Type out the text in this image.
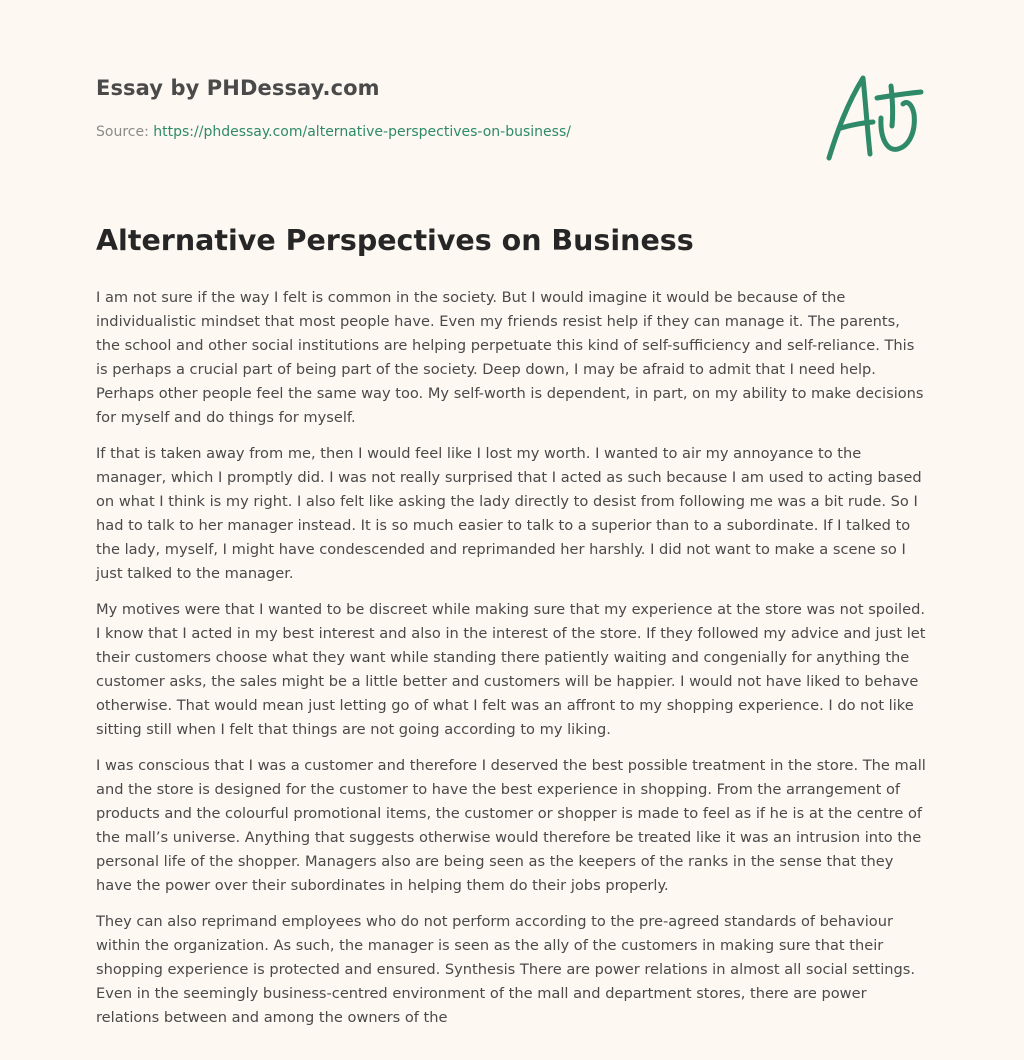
Essay by PHDessay.com
Source: https://phdessay.com/alternative-perspectives-on-business/
Alternative Perspectives on Business

I am not sure if the way I felt is common in the society. But I would imagine it would be because of the individualistic mindset that most people have. Even my friends resist help if they can manage it. The parents, the school and other social institutions are helping perpetuate this kind of self-sufficiency and self-reliance. This is perhaps a crucial part of being part of the society. Deep down, I may be afraid to admit that I need help. Perhaps other people feel the same way too. My self-worth is dependent, in part, on my ability to make decisions for myself and do things for myself.

If that is taken away from me, then I would feel like I lost my worth. I wanted to air my annoyance to the manager, which I promptly did. I was not really surprised that I acted as such because I am used to acting based on what I think is my right. I also felt like asking the lady directly to desist from following me was a bit rude. So I had to talk to her manager instead. It is so much easier to talk to a superior than to a subordinate. If I talked to the lady, myself, I might have condescended and reprimanded her harshly. I did not want to make a scene so I just talked to the manager.

My motives were that I wanted to be discreet while making sure that my experience at the store was not spoiled. I know that I acted in my best interest and also in the interest of the store. If they followed my advice and just let their customers choose what they want while standing there patiently waiting and congenially for anything the customer asks, the sales might be a little better and customers will be happier. I would not have liked to behave otherwise. That would mean just letting go of what I felt was an affront to my shopping experience. I do not like sitting still when I felt that things are not going according to my liking.

I was conscious that I was a customer and therefore I deserved the best possible treatment in the store. The mall and the store is designed for the customer to have the best experience in shopping. From the arrangement of products and the colourful promotional items, the customer or shopper is made to feel as if he is at the centre of the mall’s universe. Anything that suggests otherwise would therefore be treated like it was an intrusion into the personal life of the shopper. Managers also are being seen as the keepers of the ranks in the sense that they have the power over their subordinates in helping them do their jobs properly.

They can also reprimand employees who do not perform according to the pre-agreed standards of behaviour within the organization. As such, the manager is seen as the ally of the customers in making sure that their shopping experience is protected and ensured. Synthesis There are power relations in almost all social settings. Even in the seemingly business-centred environment of the mall and department stores, there are power relations between and among the owners of the
